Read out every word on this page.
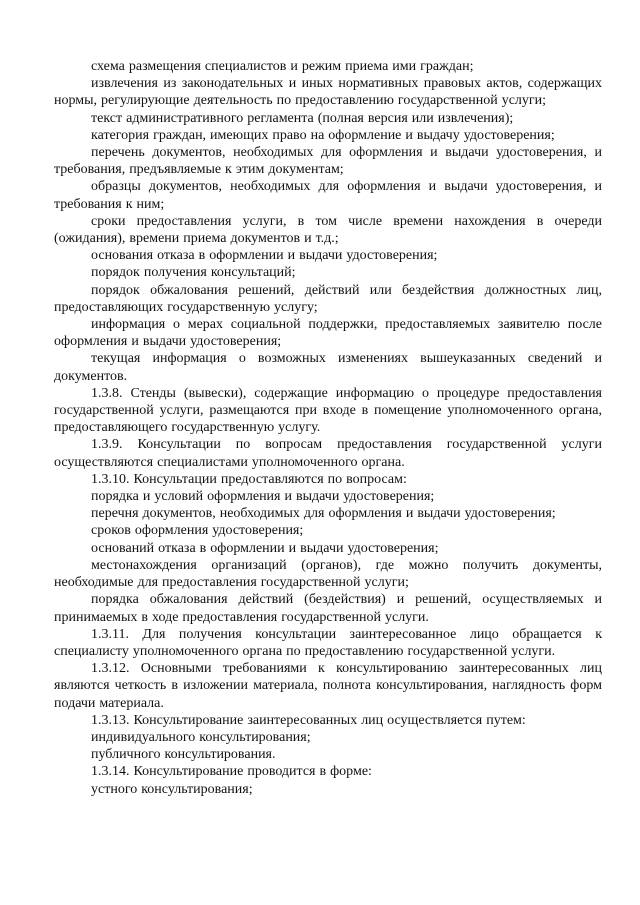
схема размещения специалистов и режим приема ими граждан;

извлечения из законодательных и иных нормативных правовых актов, содержащих нормы, регулирующие деятельность по предоставлению государственной услуги;

текст административного регламента (полная версия или извлечения);

категория граждан, имеющих право на оформление и выдачу удостоверения;

перечень документов, необходимых для оформления и выдачи удостоверения, и требования, предъявляемые к этим документам;

образцы документов, необходимых для оформления и выдачи удостоверения, и требования к ним;

сроки предоставления услуги, в том числе времени нахождения в очереди (ожидания), времени приема документов и т.д.;

основания отказа в оформлении и выдачи удостоверения;

порядок получения консультаций;

порядок обжалования решений, действий или бездействия должностных лиц, предоставляющих государственную услугу;

информация о мерах социальной поддержки, предоставляемых заявителю после оформления и выдачи удостоверения;

текущая информация о возможных изменениях вышеуказанных сведений и документов.

1.3.8. Стенды (вывески), содержащие информацию о процедуре предоставления государственной услуги, размещаются при входе в помещение уполномоченного органа, предоставляющего государственную услугу.

1.3.9. Консультации по вопросам предоставления государственной услуги осуществляются специалистами уполномоченного органа.

1.3.10. Консультации предоставляются по вопросам:

порядка и условий оформления и выдачи удостоверения;

перечня документов, необходимых для оформления и выдачи удостоверения;

сроков оформления удостоверения;

оснований отказа в оформлении и выдачи удостоверения;

местонахождения организаций (органов), где можно получить документы, необходимые для предоставления государственной услуги;

порядка обжалования действий (бездействия) и решений, осуществляемых и принимаемых в ходе предоставления государственной услуги.

1.3.11. Для получения консультации заинтересованное лицо обращается к специалисту уполномоченного органа по предоставлению государственной услуги.

1.3.12. Основными требованиями к консультированию заинтересованных лиц являются четкость в изложении материала, полнота консультирования, наглядность форм подачи материала.

1.3.13. Консультирование заинтересованных лиц осуществляется путем:

индивидуального консультирования;

публичного консультирования.

1.3.14. Консультирование проводится в форме:

устного консультирования;
